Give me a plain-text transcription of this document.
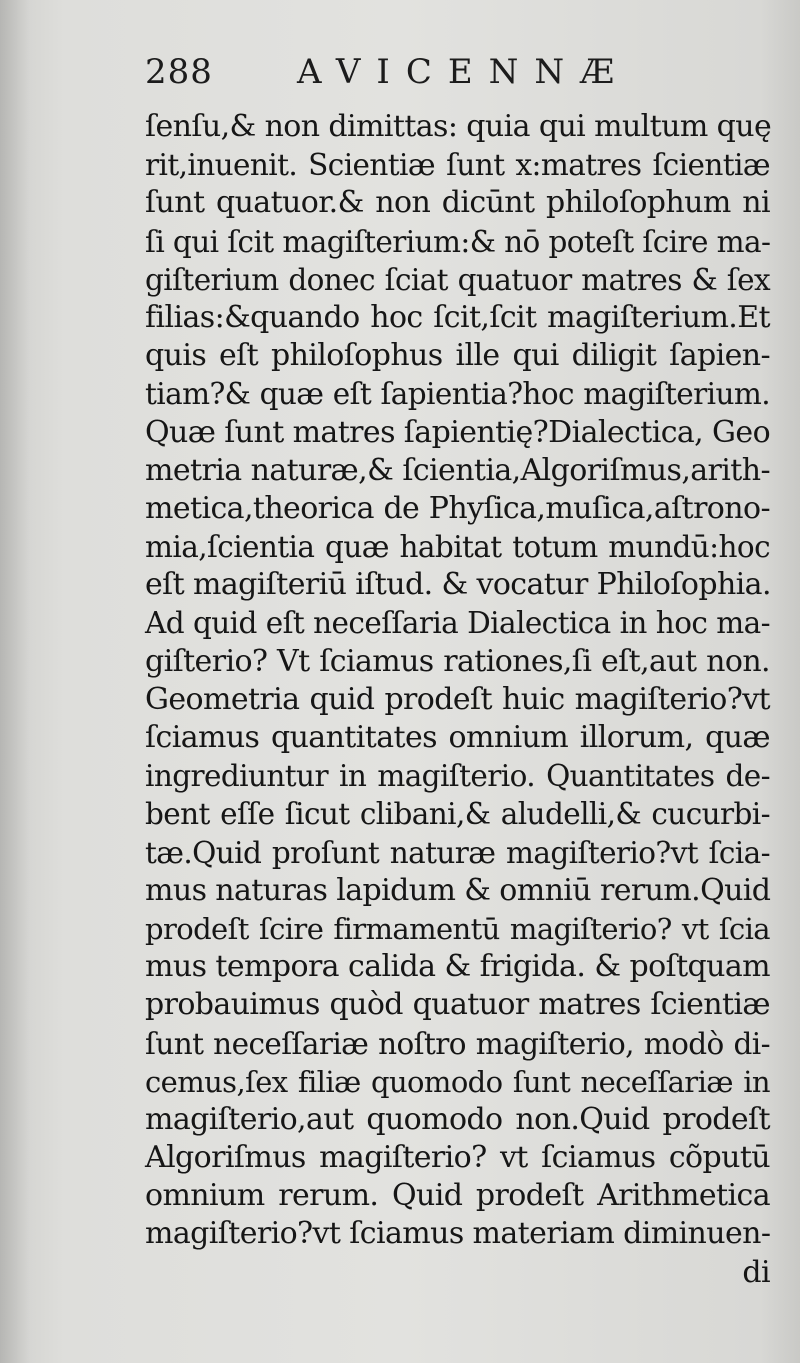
288 AVICENNÆ
ſenſu,& non dimittas: quia qui multum quę
rit,inuenit. Scientiæ ſunt x:matres ſcientiæ
ſunt quatuor.& non dicūnt philoſophum ni
ſi qui ſcit magiſterium:& nō poteſt ſcire ma-
giſterium donec ſciat quatuor matres & ſex
filias:&quando hoc ſcit,ſcit magiſterium.Et
quis eſt philoſophus ille qui diligit ſapien-
tiam?& quæ eſt ſapientia?hoc magiſterium.
Quæ ſunt matres ſapientię?Dialectica, Geo
metria naturæ,& ſcientia,Algoriſmus,arith-
metica,theorica de Phyſica,muſica,aſtrono-
mia,ſcientia quæ habitat totum mundū:hoc
eſt magiſteriū iſtud. & vocatur Philoſophia.
Ad quid eſt neceſſaria Dialectica in hoc ma-
giſterio? Vt ſciamus rationes,ſi eſt,aut non.
Geometria quid prodeſt huic magiſterio?vt
ſciamus quantitates omnium illorum, quæ
ingrediuntur in magiſterio. Quantitates de-
bent eſſe ſicut clibani,& aludelli,& cucurbi-
tæ.Quid proſunt naturæ magiſterio?vt ſcia-
mus naturas lapidum & omniū rerum.Quid
prodeſt ſcire firmamentū magiſterio? vt ſcia
mus tempora calida & frigida. & poſtquam
probauimus quòd quatuor matres ſcientiæ
ſunt neceſſariæ noſtro magiſterio, modò di-
cemus,ſex filiæ quomodo ſunt neceſſariæ in
magiſterio,aut quomodo non.Quid prodeſt
Algoriſmus magiſterio? vt ſciamus cõputū
omnium rerum. Quid prodeſt Arithmetica
magiſterio?vt ſciamus materiam diminuen-
di
